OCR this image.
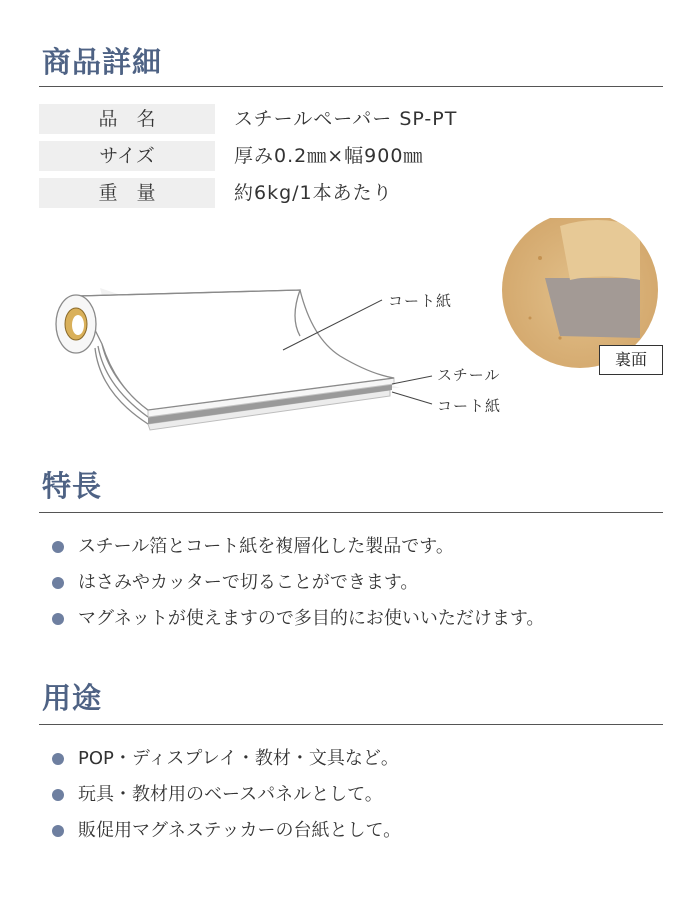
商品詳細
品　名	スチールペーパー SP-PT
サイズ	厚み0.2㎜×幅900㎜
重　量	約6kg/1本あたり
コート紙
スチール
コート紙
裏面
特長
スチール箔とコート紙を複層化した製品です。
はさみやカッターで切ることができます。
マグネットが使えますので多目的にお使いいただけます。
用途
POP・ディスプレイ・教材・文具など。
玩具・教材用のベースパネルとして。
販促用マグネステッカーの台紙として。
